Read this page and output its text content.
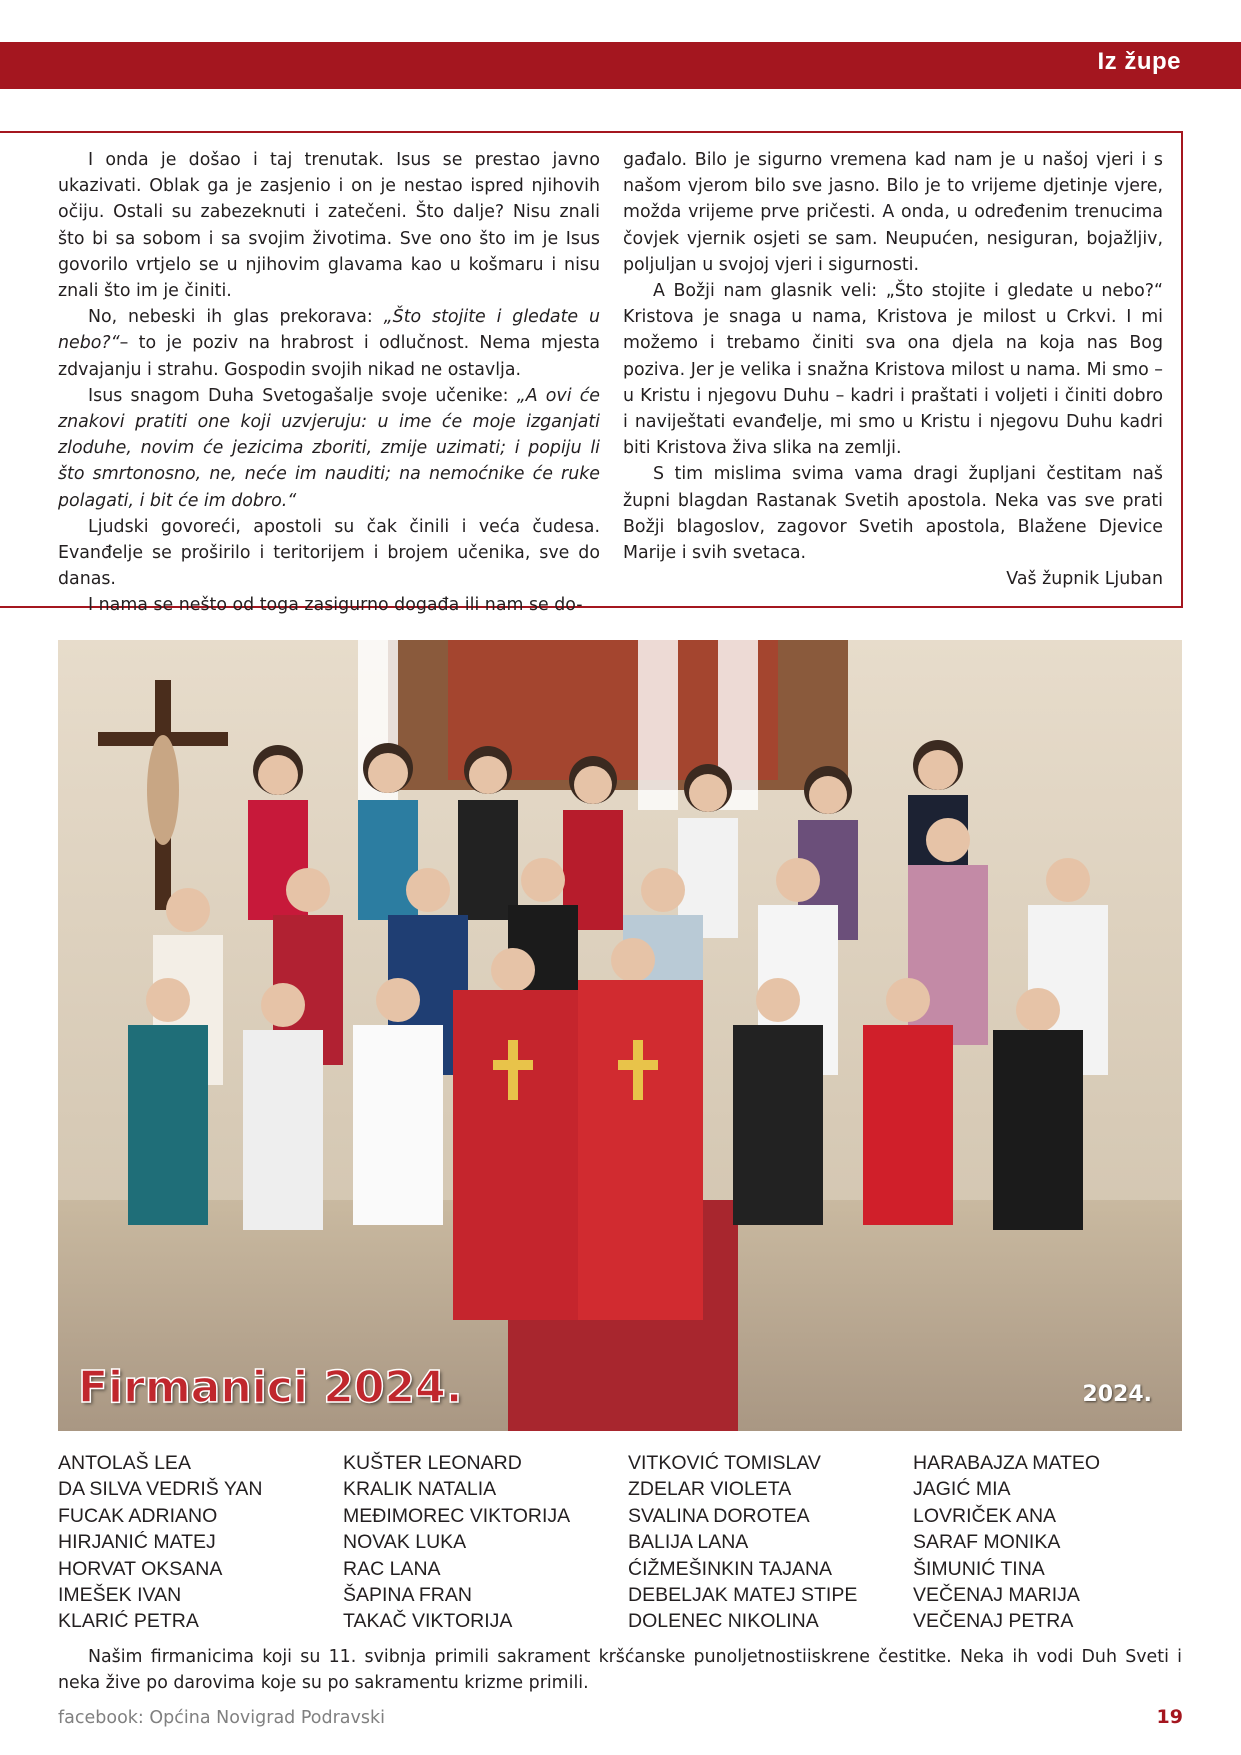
Iz župe

I onda je došao i taj trenutak. Isus se prestao javno ukazivati. Oblak ga je zasjenio i on je nestao ispred njihovih očiju. Ostali su zabezeknuti i zatečeni. Što dalje? Nisu znali što bi sa sobom i sa svojim životima. Sve ono što im je Isus govorilo vrtjelo se u njihovim glavama kao u košmaru i nisu znali što im je činiti.

No, nebeski ih glas prekorava: „Što stojite i gledate u nebo?“– to je poziv na hrabrost i odlučnost. Nema mjesta zdvajanju i strahu. Gospodin svojih nikad ne ostavlja.

Isus snagom Duha Svetogašalje svoje učenike: „A ovi će znakovi pratiti one koji uzvjeruju: u ime će moje izganjati zloduhe, novim će jezicima zboriti, zmije uzimati; i popiju li što smrtonosno, ne, neće im nauditi; na nemoćnike će ruke polagati, i bit će im dobro.“

Ljudski govoreći, apostoli su čak činili i veća čudesa. Evanđelje se proširilo i teritorijem i brojem učenika, sve do danas.

I nama se nešto od toga zasigurno događa ili nam se do-

gađalo. Bilo je sigurno vremena kad nam je u našoj vjeri i s našom vjerom bilo sve jasno. Bilo je to vrijeme djetinje vjere, možda vrijeme prve pričesti. A onda, u određenim trenucima čovjek vjernik osjeti se sam. Neupućen, nesiguran, bojažljiv, poljuljan u svojoj vjeri i sigurnosti.

A Božji nam glasnik veli: „Što stojite i gledate u nebo?“ Kristova je snaga u nama, Kristova je milost u Crkvi. I mi možemo i trebamo činiti sva ona djela na koja nas Bog poziva. Jer je velika i snažna Kristova milost u nama. Mi smo – u Kristu i njegovu Duhu – kadri i praštati i voljeti i činiti dobro i naviještati evanđelje, mi smo u Kristu i njegovu Duhu kadri biti Kristova živa slika na zemlji.

S tim mislima svima vama dragi župljani čestitam naš župni blagdan Rastanak Svetih apostola. Neka vas sve prati Božji blagoslov, zagovor Svetih apostola, Blažene Djevice Marije i svih svetaca.

Vaš župnik Ljuban

Firmanici 2024.	2024.
ANTOLAŠ LEA
DA SILVA VEDRIŠ YAN
FUCAK ADRIANO
HIRJANIĆ MATEJ
HORVAT OKSANA
IMEŠEK IVAN
KLARIĆ PETRA
KUŠTER LEONARD
KRALIK NATALIA
MEĐIMOREC VIKTORIJA
NOVAK LUKA
RAC LANA
ŠAPINA FRAN
TAKAČ VIKTORIJA
VITKOVIĆ TOMISLAV
ZDELAR VIOLETA
SVALINA DOROTEA
BALIJA LANA
ĆIŽMEŠINKIN TAJANA
DEBELJAK MATEJ STIPE
DOLENEC NIKOLINA
HARABAJZA MATEO
JAGIĆ MIA
LOVRIČEK ANA
SARAF MONIKA
ŠIMUNIĆ TINA
VEČENAJ MARIJA
VEČENAJ PETRA

Našim firmanicima koji su 11. svibnja primili sakrament kršćanske punoljetnostiiskrene čestitke. Neka ih vodi Duh Sveti i neka žive po darovima koje su po sakramentu krizme primili.

facebook: Općina Novigrad Podravski	19
